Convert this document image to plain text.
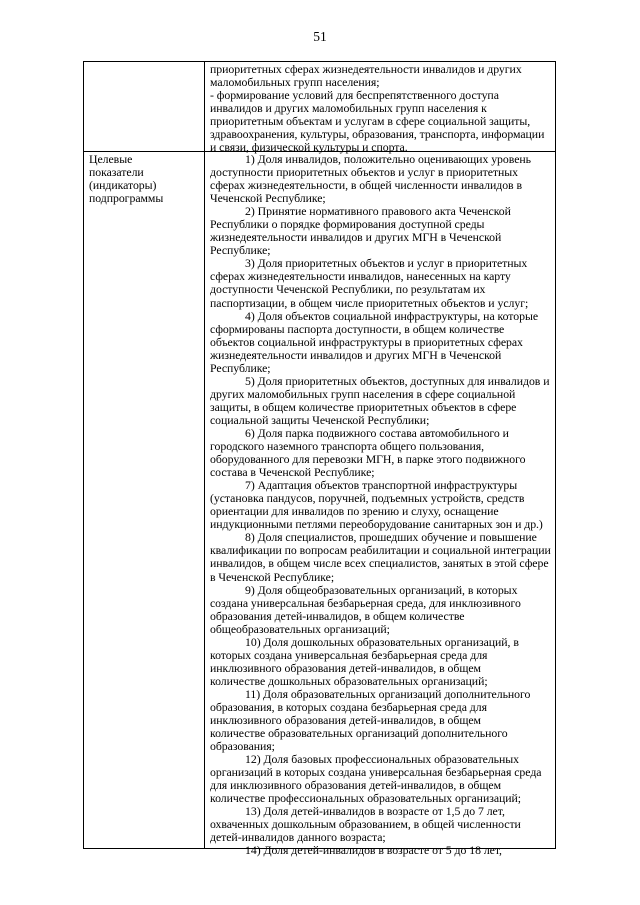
51
приоритетных сферах жизнедеятельности инвалидов и других
маломобильных групп населения;
- формирование условий для беспрепятственного доступа
инвалидов и других маломобильных групп населения к
приоритетным объектам и услугам в сфере социальной защиты,
здравоохранения, культуры, образования, транспорта, информации
и связи, физической культуры и спорта.
Целевые
показатели
(индикаторы)
подпрограммы
1) Доля инвалидов, положительно оценивающих уровень
доступности приоритетных объектов и услуг в приоритетных
сферах жизнедеятельности, в общей численности инвалидов в
Чеченской Республике;
2) Принятие нормативного правового акта Чеченской
Республики о порядке формирования доступной среды
жизнедеятельности инвалидов и других МГН в Чеченской
Республике;
3) Доля приоритетных объектов и услуг в приоритетных
сферах жизнедеятельности инвалидов, нанесенных на карту
доступности Чеченской Республики, по результатам их
паспортизации, в общем числе приоритетных объектов и услуг;
4) Доля объектов социальной инфраструктуры, на которые
сформированы паспорта доступности, в общем количестве
объектов социальной инфраструктуры в приоритетных сферах
жизнедеятельности инвалидов и других МГН в Чеченской
Республике;
5) Доля приоритетных объектов, доступных для инвалидов и
других маломобильных групп населения в сфере социальной
защиты, в общем количестве приоритетных объектов в сфере
социальной защиты Чеченской Республики;
6) Доля парка подвижного состава автомобильного и
городского наземного транспорта общего пользования,
оборудованного для перевозки МГН, в парке этого подвижного
состава в Чеченской Республике;
7) Адаптация объектов транспортной инфраструктуры
(установка пандусов, поручней, подъемных устройств, средств
ориентации для инвалидов по зрению и слуху, оснащение
индукционными петлями переоборудование санитарных зон и др.)
8) Доля специалистов, прошедших обучение и повышение
квалификации по вопросам реабилитации и социальной интеграции
инвалидов, в общем числе всех специалистов, занятых в этой сфере
в Чеченской Республике;
9) Доля общеобразовательных организаций, в которых
создана универсальная безбарьерная среда, для инклюзивного
образования детей-инвалидов, в общем количестве
общеобразовательных организаций;
10) Доля дошкольных образовательных организаций, в
которых создана универсальная безбарьерная среда для
инклюзивного образования детей-инвалидов, в общем
количестве дошкольных образовательных организаций;
11) Доля образовательных организаций дополнительного
образования, в которых создана безбарьерная среда для
инклюзивного образования детей-инвалидов, в общем
количестве образовательных организаций дополнительного
образования;
12) Доля базовых профессиональных образовательных
организаций в которых создана универсальная безбарьерная среда
для инклюзивного образования детей-инвалидов, в общем
количестве профессиональных образовательных организаций;
13) Доля детей-инвалидов в возрасте от 1,5 до 7 лет,
охваченных дошкольным образованием, в общей численности
детей-инвалидов данного возраста;
14) Доля детей-инвалидов в возрасте от 5 до 18 лет,
